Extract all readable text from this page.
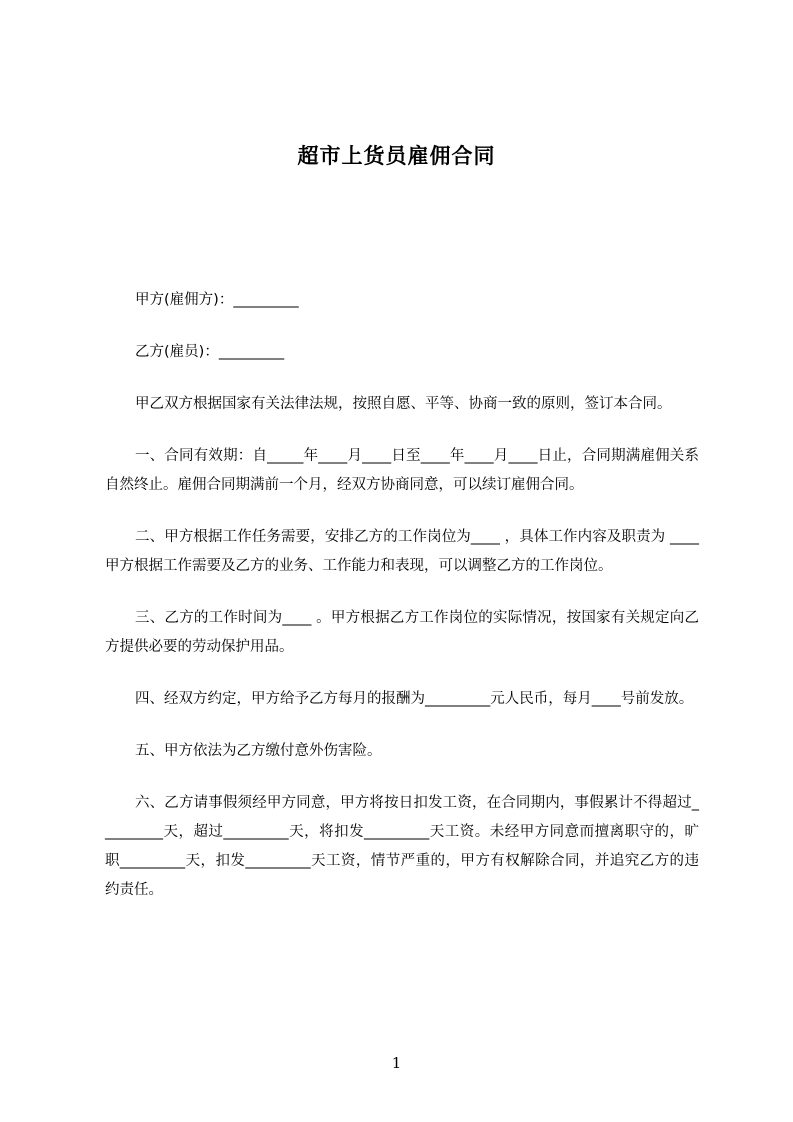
超市上货员雇佣合同

甲方(雇佣方)：_________

乙方(雇员)：_________

甲乙双方根据国家有关法律法规，按照自愿、平等、协商一致的原则，签订本合同。

一、合同有效期：自_____年____月____日至____年____月____日止，合同期满雇佣关系自然终止。雇佣合同期满前一个月，经双方协商同意，可以续订雇佣合同。

二、甲方根据工作任务需要，安排乙方的工作岗位为____ ，具体工作内容及职责为 ____甲方根据工作需要及乙方的业务、工作能力和表现，可以调整乙方的工作岗位。

三、乙方的工作时间为____ 。甲方根据乙方工作岗位的实际情况，按国家有关规定向乙方提供必要的劳动保护用品。

四、经双方约定，甲方给予乙方每月的报酬为_________元人民币，每月____号前发放。

五、甲方依法为乙方缴付意外伤害险。

六、乙方请事假须经甲方同意，甲方将按日扣发工资，在合同期内，事假累计不得超过_________天，超过_________天，将扣发_________天工资。未经甲方同意而擅离职守的，旷职_________天，扣发_________天工资，情节严重的，甲方有权解除合同，并追究乙方的违约责任。

1
